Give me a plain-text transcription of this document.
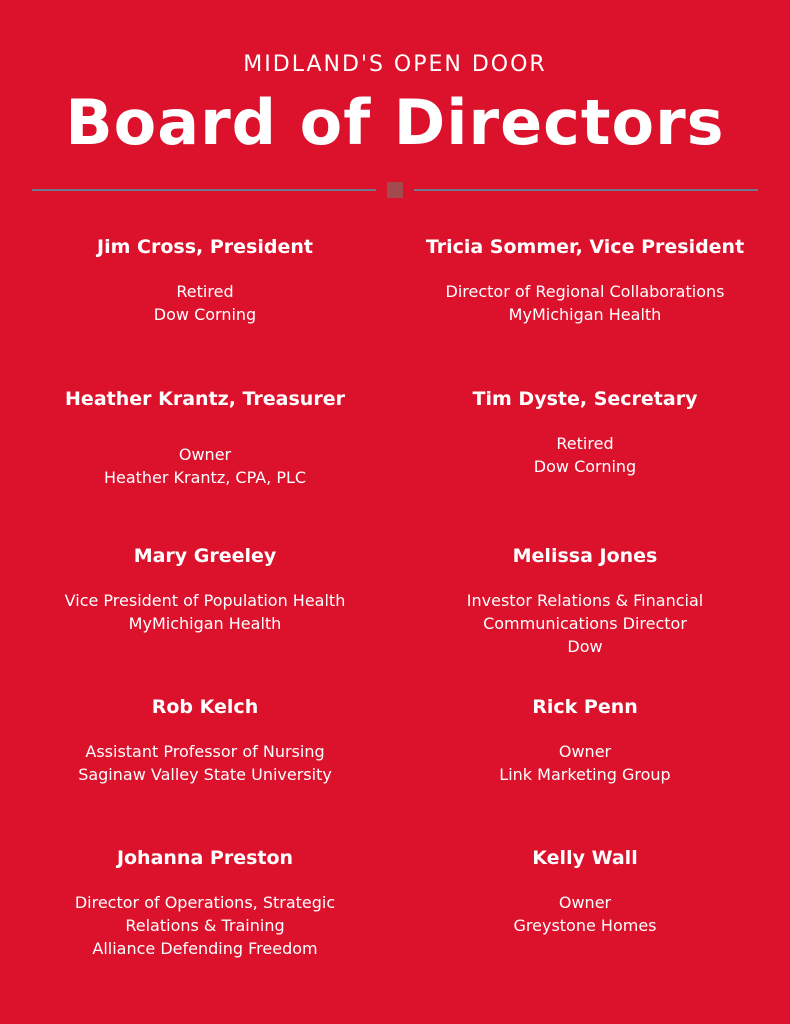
MIDLAND'S OPEN DOOR
Board of Directors
Jim Cross, President
Retired
Dow Corning
Tricia Sommer, Vice President
Director of Regional Collaborations
MyMichigan Health
Heather Krantz, Treasurer
Owner
Heather Krantz, CPA, PLC
Tim Dyste, Secretary
Retired
Dow Corning
Mary Greeley
Vice President of Population Health
MyMichigan Health
Melissa Jones
Investor Relations & Financial
Communications Director
Dow
Rob Kelch
Assistant Professor of Nursing
Saginaw Valley State University
Rick Penn
Owner
Link Marketing Group
Johanna Preston
Director of Operations, Strategic
Relations & Training
Alliance Defending Freedom
Kelly Wall
Owner
Greystone Homes
